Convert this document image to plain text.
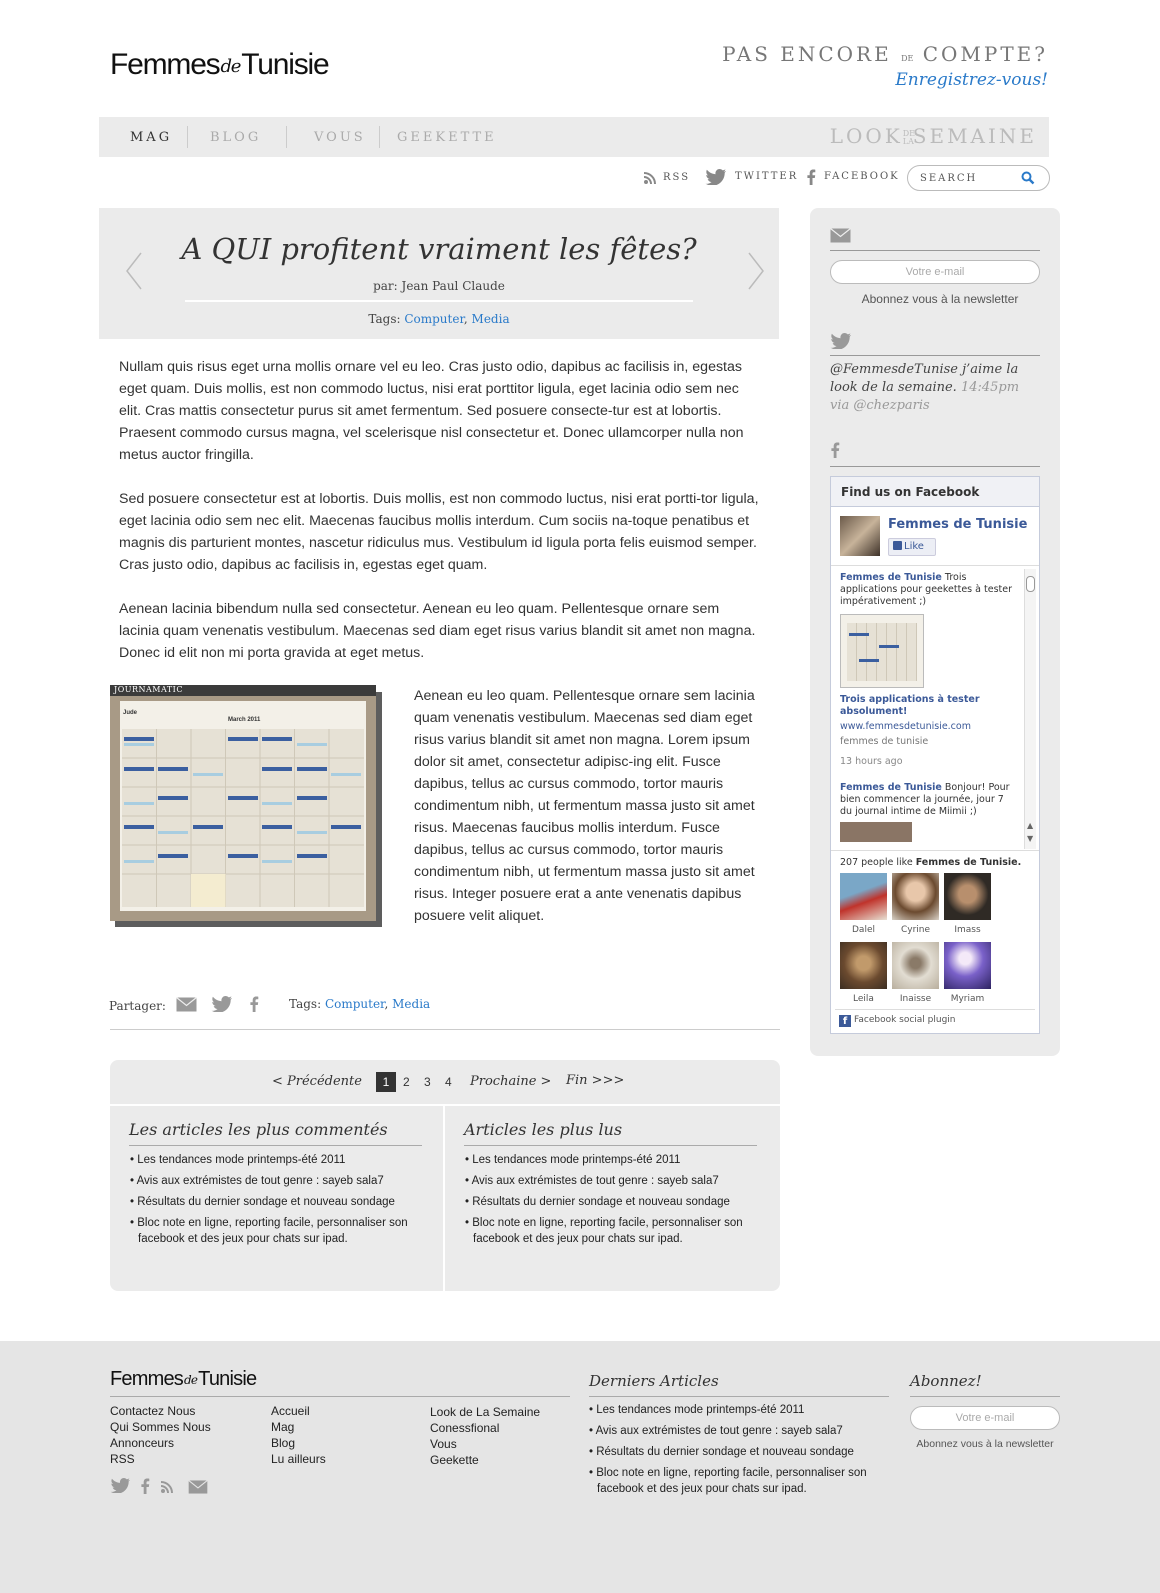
FemmesdeTunisie	PAS ENCORE DE COMPTE?
Enregistrez-vous!
MAG	BLOG	VOUS GEEKETTE	LOOKDE
LASEMAINE
RSS	TWITTER	FACEBOOK SEARCH
A QUI profitent vraiment les fêtes?
par: Jean Paul Claude
Tags: Computer, Media

Nullam quis risus eget urna mollis ornare vel eu leo. Cras justo odio, dapibus ac facilisis in, egestas eget quam. Duis mollis, est non commodo luctus, nisi erat porttitor ligula, eget lacinia odio sem nec elit. Cras mattis consectetur purus sit amet fermentum. Sed posuere consecte-tur est at lobortis. Praesent commodo cursus magna, vel scelerisque nisl consectetur et. Donec ullamcorper nulla non metus auctor fringilla.

Sed posuere consectetur est at lobortis. Duis mollis, est non commodo luctus, nisi erat portti-tor ligula, eget lacinia odio sem nec elit. Maecenas faucibus mollis interdum. Cum sociis na-toque penatibus et magnis dis parturient montes, nascetur ridiculus mus. Vestibulum id ligula porta felis euismod semper. Cras justo odio, dapibus ac facilisis in, egestas eget quam.

Aenean lacinia bibendum nulla sed consectetur. Aenean eu leo quam. Pellentesque ornare sem lacinia quam venenatis vestibulum. Maecenas sed diam eget risus varius blandit sit amet non magna. Donec id elit non mi porta gravida at eget metus.

JOURNAMATIC
Jude
March 2011

Aenean eu leo quam. Pellentesque ornare sem lacinia quam venenatis vestibulum. Maecenas sed diam eget risus varius blandit sit amet non magna. Lorem ipsum dolor sit amet, consectetur adipisc-ing elit. Fusce dapibus, tellus ac cursus commodo, tortor mauris condimentum nibh, ut fermentum massa justo sit amet risus. Maecenas faucibus mollis interdum. Fusce dapibus, tellus ac cursus commodo, tortor mauris condimentum nibh, ut fermentum massa justo sit amet risus. Integer posuere erat a ante venenatis dapibus posuere velit aliquet.

Partager:	Tags: Computer, Media
Votre e-mail
Abonnez vous à la newsletter
@FemmesdeTunise j’aime la look de la semaine. 14:45pm via @chezparis
Find us on Facebook
Femmes de Tunisie
Like
Femmes de Tunisie Trois applications pour geekettes à tester impérativement ;)
Trois applications à tester absolument!
www.femmesdetunisie.com
femmes de tunisie
13 hours ago
Femmes de Tunisie Bonjour! Pour bien commencer la journée, jour 7 du journal intime de Miimii ;)
▲
▼
207 people like Femmes de Tunisie.
Dalel	Cyrine	Imass
Leila	Inaisse	Myriam
f Facebook social plugin
< Précédente	1	2 3 4 Prochaine > Fin >>>
Les articles les plus commentés
• Les tendances mode printemps-été 2011
• Avis aux extrémistes de tout genre : sayeb sala7
• Résultats du dernier sondage et nouveau sondage
• Bloc note en ligne, reporting facile, personnaliser son facebook et des jeux pour chats sur ipad.
Articles les plus lus
• Les tendances mode printemps-été 2011
• Avis aux extrémistes de tout genre : sayeb sala7
• Résultats du dernier sondage et nouveau sondage
• Bloc note en ligne, reporting facile, personnaliser son facebook et des jeux pour chats sur ipad.
FemmesdeTunisie
Contactez Nous
Qui Sommes Nous
Annonceurs
RSS
Accueil
Mag
Blog
Lu ailleurs
Look de La Semaine
Conessfional
Vous
Geekette
Derniers Articles
• Les tendances mode printemps-été 2011
• Avis aux extrémistes de tout genre : sayeb sala7
• Résultats du dernier sondage et nouveau sondage
• Bloc note en ligne, reporting facile, personnaliser son facebook et des jeux pour chats sur ipad.
Abonnez!
Votre e-mail
Abonnez vous à la newsletter
